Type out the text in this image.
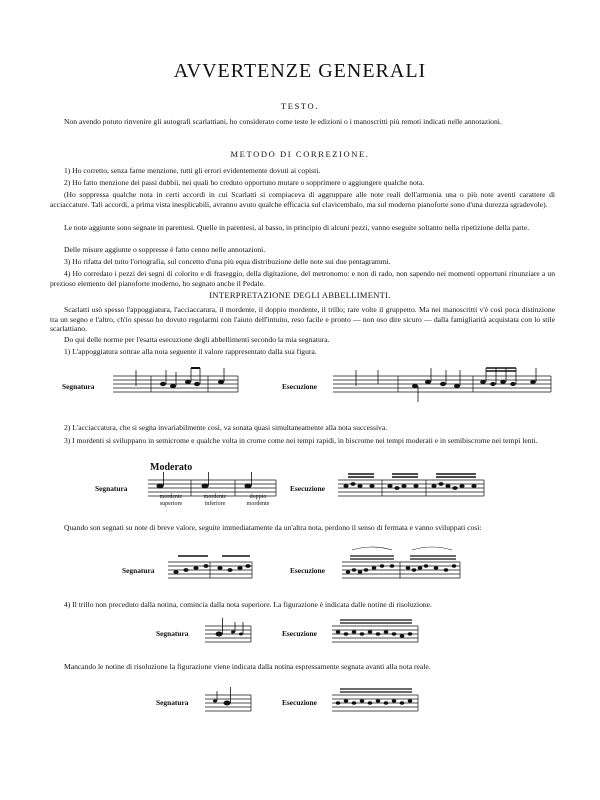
AVVERTENZE GENERALI
TESTO.
Non avendo potuto rinvenire gli autografi scarlattiani, ho considerato come teste le edizioni o i manoscritti più remoti indicati nelle annotazioni.
METODO DI CORREZIONE.
1) Ho corretto, senza farne menzione, tutti gli errori evidentemente dovuti ai copisti.
2) Ho fatto menzione dei passi dubbii, nei quali ho creduto opportuno mutare o sopprimere o aggiungere qualche nota.
(Ho soppressa qualche nota in certi accordi in cui Scarlatti si compiaceva di aggruppare alle note reali dell'armonia una o più note aventi carattere di acciaccature. Tali accordi, a prima vista inesplicabili, avranno avuto qualche efficacia sul clavicembalo, ma sul moderno pianoforte sono d'una durezza sgradevole).
Le note aggiunte sono segnate in parentesi. Quelle in parentesi, al basso, in principio di alcuni pezzi, vanno eseguite soltanto nella ripetizione della parte.
Delle misure aggiunte o soppresse è fatto cenno nelle annotazioni.
3) Ho rifatta del tutto l'ortografia, sul concetto d'una più equa distribuzione delle note sui due pentagrammi.
4) Ho corredato i pezzi dei segni di colorito e di fraseggio, della digitazione, del metronomo: e non di rado, non sapendo nei momenti opportuni rinunziare a un prezioso elemento del pianoforte moderno, ho segnato anche il Pedale.
INTERPRETAZIONE DEGLI ABBELLIMENTI.
Scarlatti usò spesso l'appoggiatura, l'acciaccatura, il mordente, il doppio mordente, il trillo; rare volte il gruppetto. Ma nei manoscritti v'è così poca distinzione tra un segno e l'altro, ch'io spesso ho dovuto regolarmi con l'aiuto dell'intuito, reso facile e pronto — non oso dire sicuro — dalla famigliarità acquistata con lo stile scarlattiano.
Do qui delle norme per l'esatta esecuzione degli abbellimenti secondo la mia segnatura.
1) L'appoggiatura sottrae alla nota seguente il valore rappresentato dalla sua figura.
Segnatura	Esecuzione
2) L'acciaccatura, che si segna invariabilmente così, va sonata quasi simultaneamente alla nota successiva.
3) I mordenti si sviluppano in semicrome e qualche volta in crome come nei tempi rapidi, in biscrome nei tempi moderati e in semibiscrome nei tempi lenti.
Moderato
Segnatura
mordente superiore
mordente inferiore
doppio mordente
Esecuzione
Quando son segnati su note di breve valore, seguite immediatamente da un'altra nota, perdono il senso di fermata e vanno sviluppati così:
Segnatura	Esecuzione
4) Il trillo non preceduto dalla notina, comincia dalla nota superiore. La figurazione è indicata dalle notine di risoluzione.
Segnatura	Esecuzione
Mancando le notine di risoluzione la figurazione viene indicata dalla notina espressamente segnata avanti alla nota reale.
Segnatura	Esecuzione
